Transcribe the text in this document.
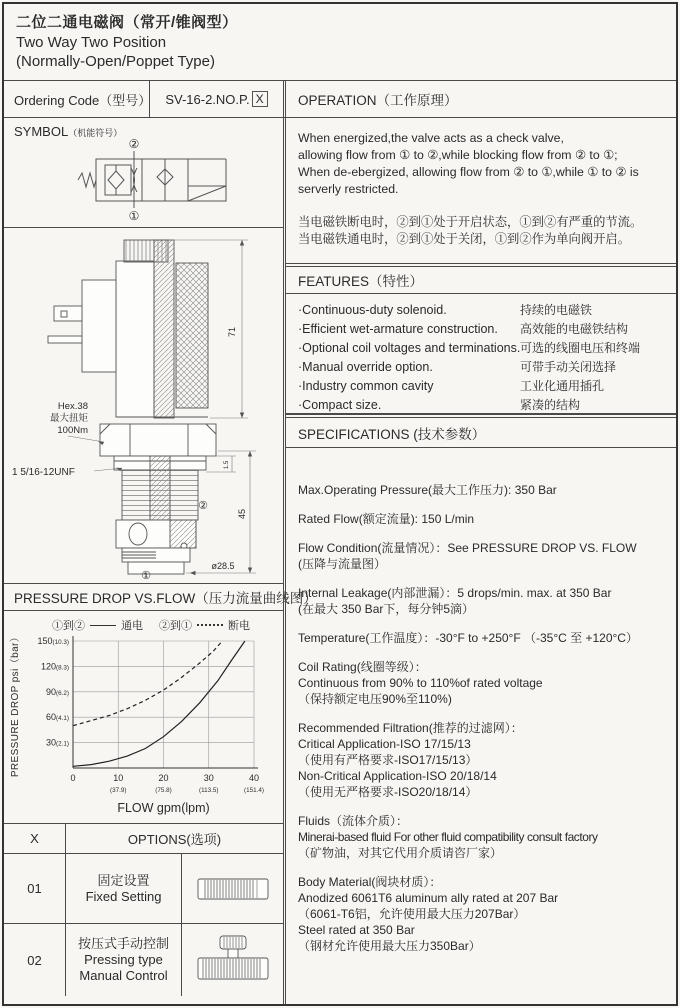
二位二通电磁阀（常开/锥阀型）
Two Way Two Position
(Normally-Open/Poppet Type)
Ordering Code（型号） SV-16-2.NO.P. X	OPERATION（工作原理）
SYMBOL（机能符号）
②
①
Hex.38
最大扭矩
100Nm
1 5/16-12UNF
71
45
1.5
ø28.5
②
①
PRESSURE DROP VS.FLOW（压力流量曲线图）
①到②	通电 ②到①	断电
150(10.3)
120(8.3)
90(6.2)
60(4.1)
30(2.1)
0	10
(37.9)
20
(75.8)
30
(113.5)
40
(151.4)
PRESSURE DROP psi（bar）
FLOW gpm(lpm)
X	OPTIONS(选项)
01
固定设置
Fixed Setting
02
按压式手动控制
Pressing type
Manual Control
When energized,the valve acts as a check valve,
allowing flow from ① to ②,while blocking flow from ② to ①;
When de-ebergized, allowing flow from ② to ①,while ① to ② is
serverly restricted.
当电磁铁断电时，②到①处于开启状态，①到②有严重的节流。
当电磁铁通电时，②到①处于关闭，①到②作为单向阀开启。
FEATURES（特性）
·Continuous-duty solenoid.	持续的电磁铁
·Efficient wet-armature construction.	高效能的电磁铁结构
·Optional coil voltages and terminations. 可选的线圈电压和终端
·Manual override option.	可带手动关闭选择
·Industry common cavity	工业化通用插孔
·Compact size.	紧凑的结构
SPECIFICATIONS (技术参数）
Max.Operating Pressure(最大工作压力): 350 Bar
Rated Flow(额定流量): 150 L/min
Flow Condition(流量情况）：See PRESSURE DROP VS. FLOW
(压降与流量图）
Internal Leakage(内部泄漏）：5 drops/min. max. at 350 Bar
(在最大 350 Bar下，每分钟5滴）
Temperature(工作温度）：-30°F to +250°F （-35°C 至 +120°C）
Coil Rating(线圈等级）：
Continuous from 90% to 110%of rated voltage
（保持额定电压90%至110%)
Recommended Filtration(推荐的过滤网）：
Critical Application-ISO 17/15/13
（使用有严格要求-ISO17/15/13）
Non-Critical Application-ISO 20/18/14
（使用无严格要求-ISO20/18/14）
Fluids（流体介质）：
Minerai-based fluid For other fluid compatibility consult factory
（矿物油，对其它代用介质请咨厂家）
Body Material(阀块材质）：
Anodized 6061T6 aluminum ally rated at 207 Bar
（6061-T6铝，允许使用最大压力207Bar）
Steel rated at 350 Bar
（钢材允许使用最大压力350Bar）
